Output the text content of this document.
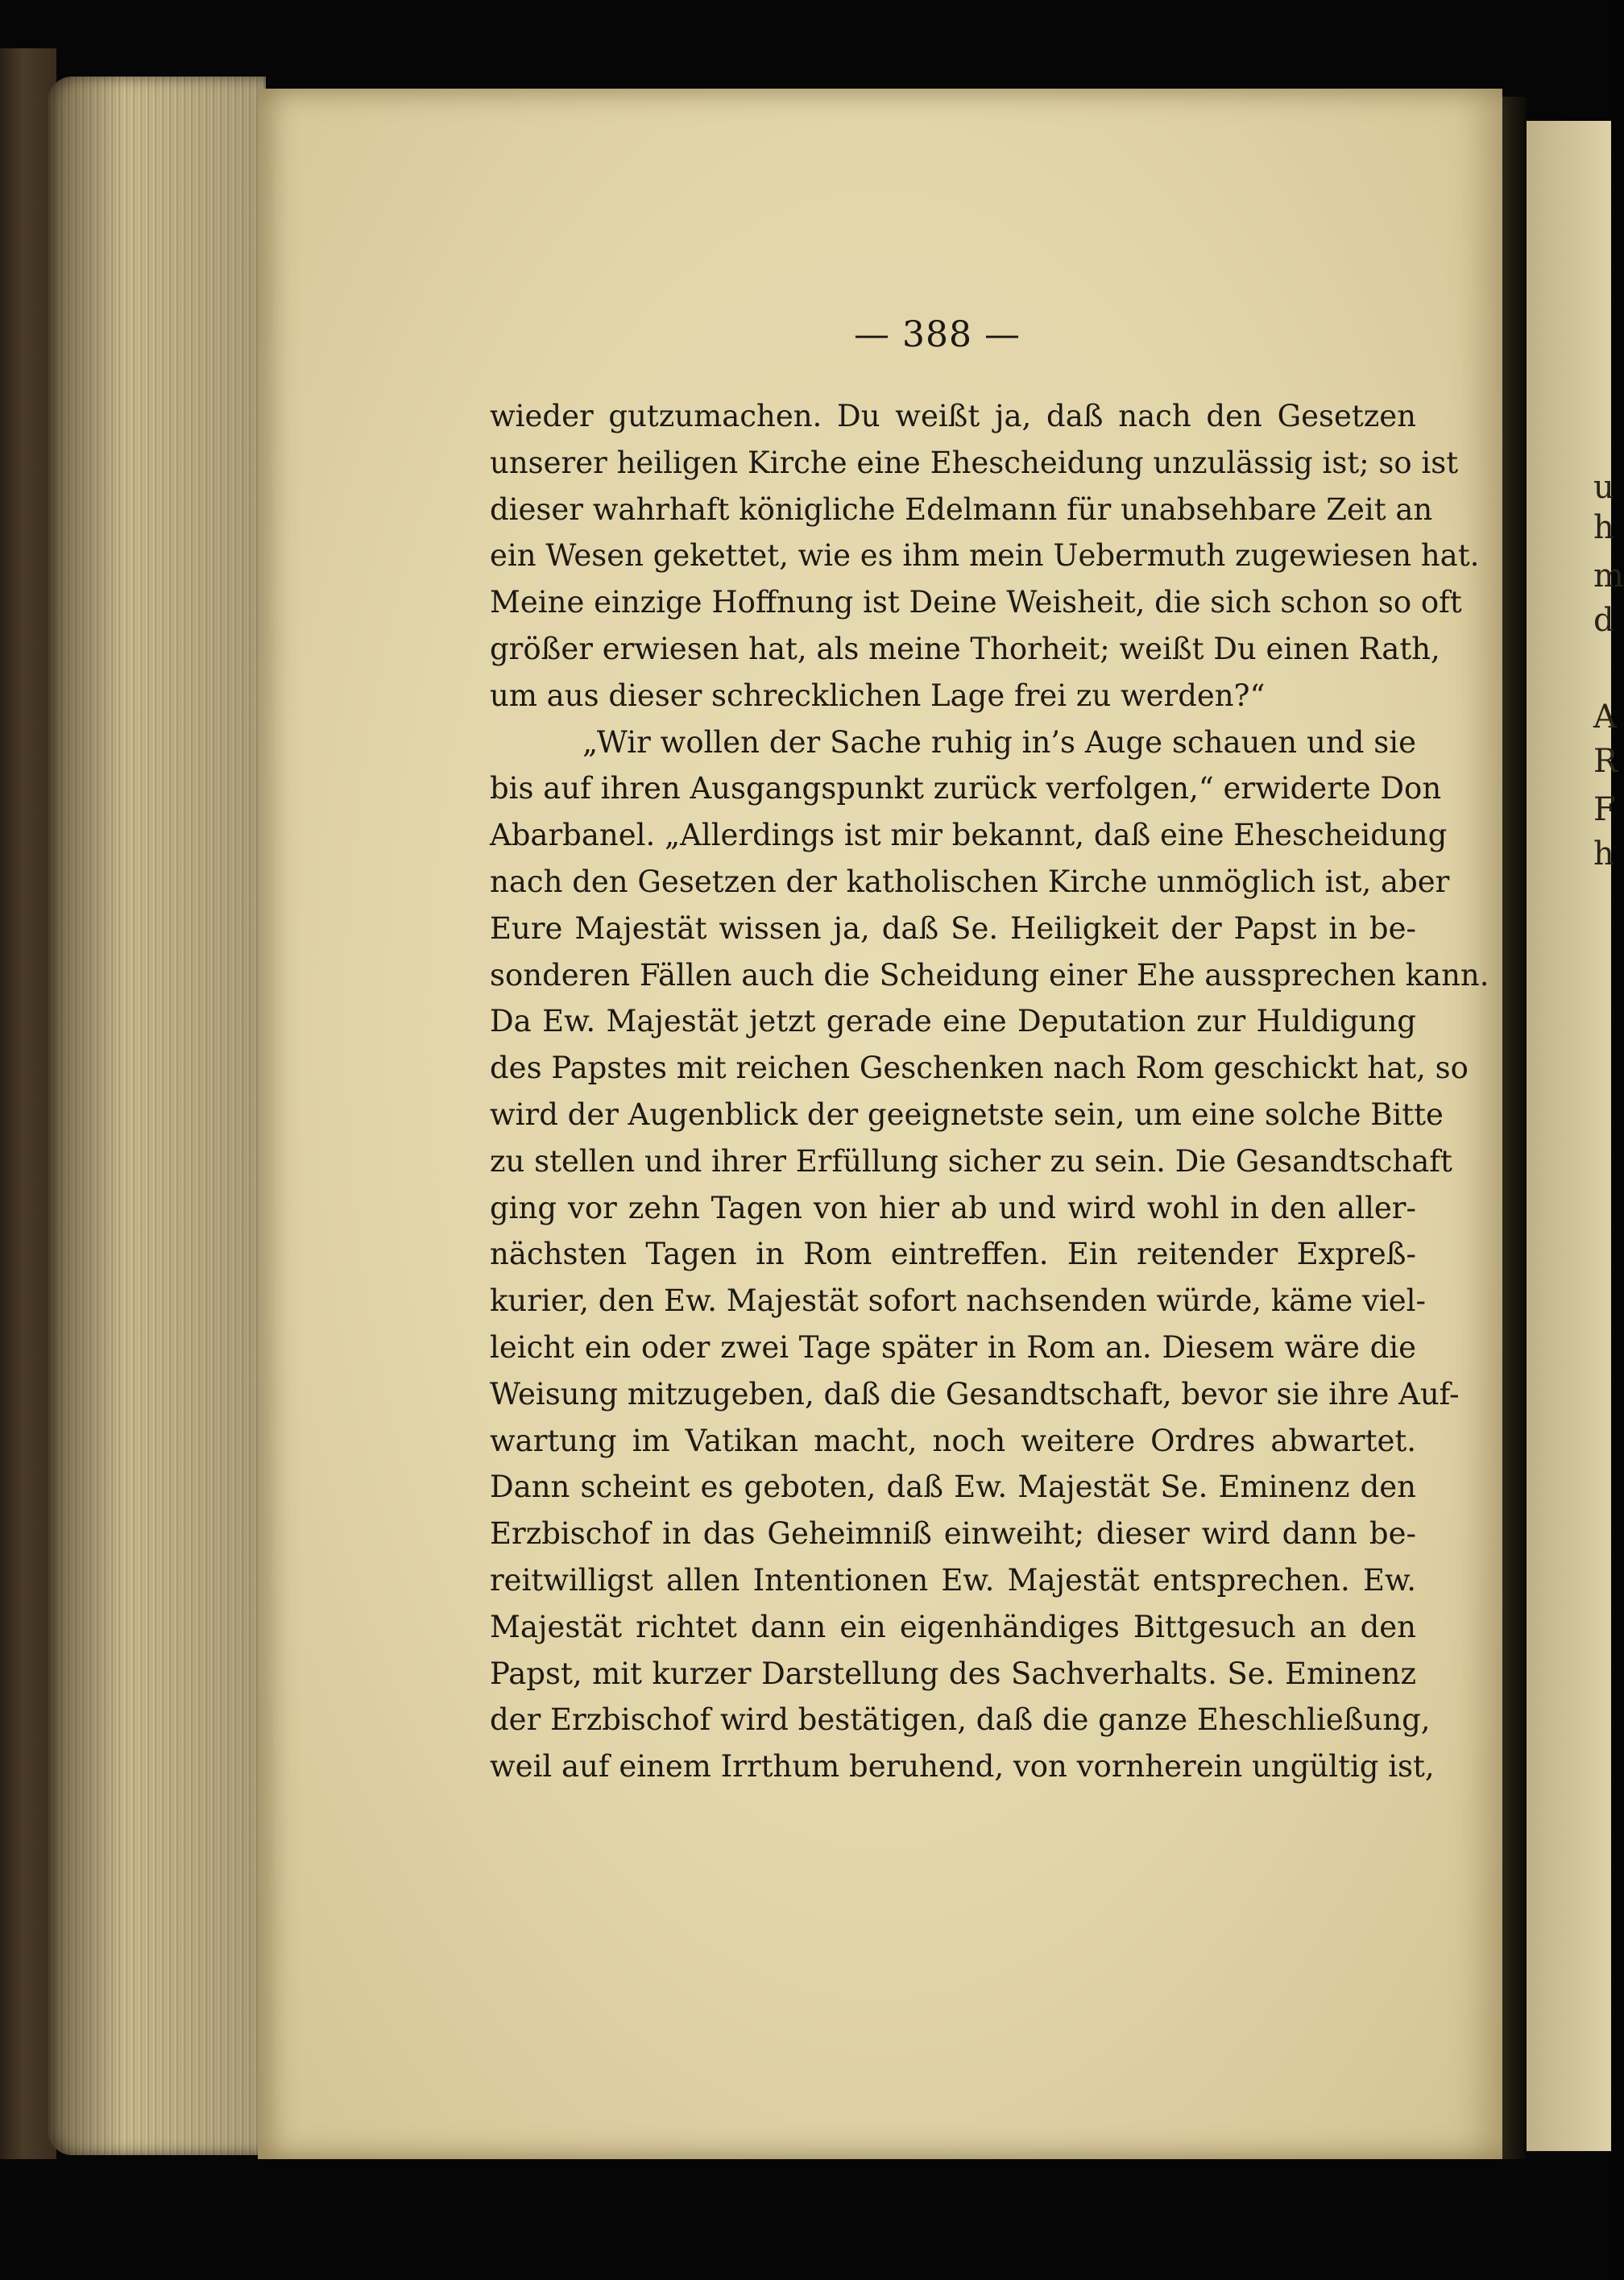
u
h
m
d
A
R
F
h
— 388 —
wieder gutzumachen. Du weißt ja, daß nach den Gesetzen
unserer heiligen Kirche eine Ehescheidung unzulässig ist; so ist
dieser wahrhaft königliche Edelmann für unabsehbare Zeit an
ein Wesen gekettet, wie es ihm mein Uebermuth zugewiesen hat.
Meine einzige Hoffnung ist Deine Weisheit, die sich schon so oft
größer erwiesen hat, als meine Thorheit; weißt Du einen Rath,
um aus dieser schrecklichen Lage frei zu werden?“
„Wir wollen der Sache ruhig in’s Auge schauen und sie
bis auf ihren Ausgangspunkt zurück verfolgen,“ erwiderte Don
Abarbanel. „Allerdings ist mir bekannt, daß eine Ehescheidung
nach den Gesetzen der katholischen Kirche unmöglich ist, aber
Eure Majestät wissen ja, daß Se. Heiligkeit der Papst in be-
sonderen Fällen auch die Scheidung einer Ehe aussprechen kann.
Da Ew. Majestät jetzt gerade eine Deputation zur Huldigung
des Papstes mit reichen Geschenken nach Rom geschickt hat, so
wird der Augenblick der geeignetste sein, um eine solche Bitte
zu stellen und ihrer Erfüllung sicher zu sein. Die Gesandtschaft
ging vor zehn Tagen von hier ab und wird wohl in den aller-
nächsten Tagen in Rom eintreffen. Ein reitender Expreß-
kurier, den Ew. Majestät sofort nachsenden würde, käme viel-
leicht ein oder zwei Tage später in Rom an. Diesem wäre die
Weisung mitzugeben, daß die Gesandtschaft, bevor sie ihre Auf-
wartung im Vatikan macht, noch weitere Ordres abwartet.
Dann scheint es geboten, daß Ew. Majestät Se. Eminenz den
Erzbischof in das Geheimniß einweiht; dieser wird dann be-
reitwilligst allen Intentionen Ew. Majestät entsprechen. Ew.
Majestät richtet dann ein eigenhändiges Bittgesuch an den
Papst, mit kurzer Darstellung des Sachverhalts. Se. Eminenz
der Erzbischof wird bestätigen, daß die ganze Eheschließung,
weil auf einem Irrthum beruhend, von vornherein ungültig ist,
